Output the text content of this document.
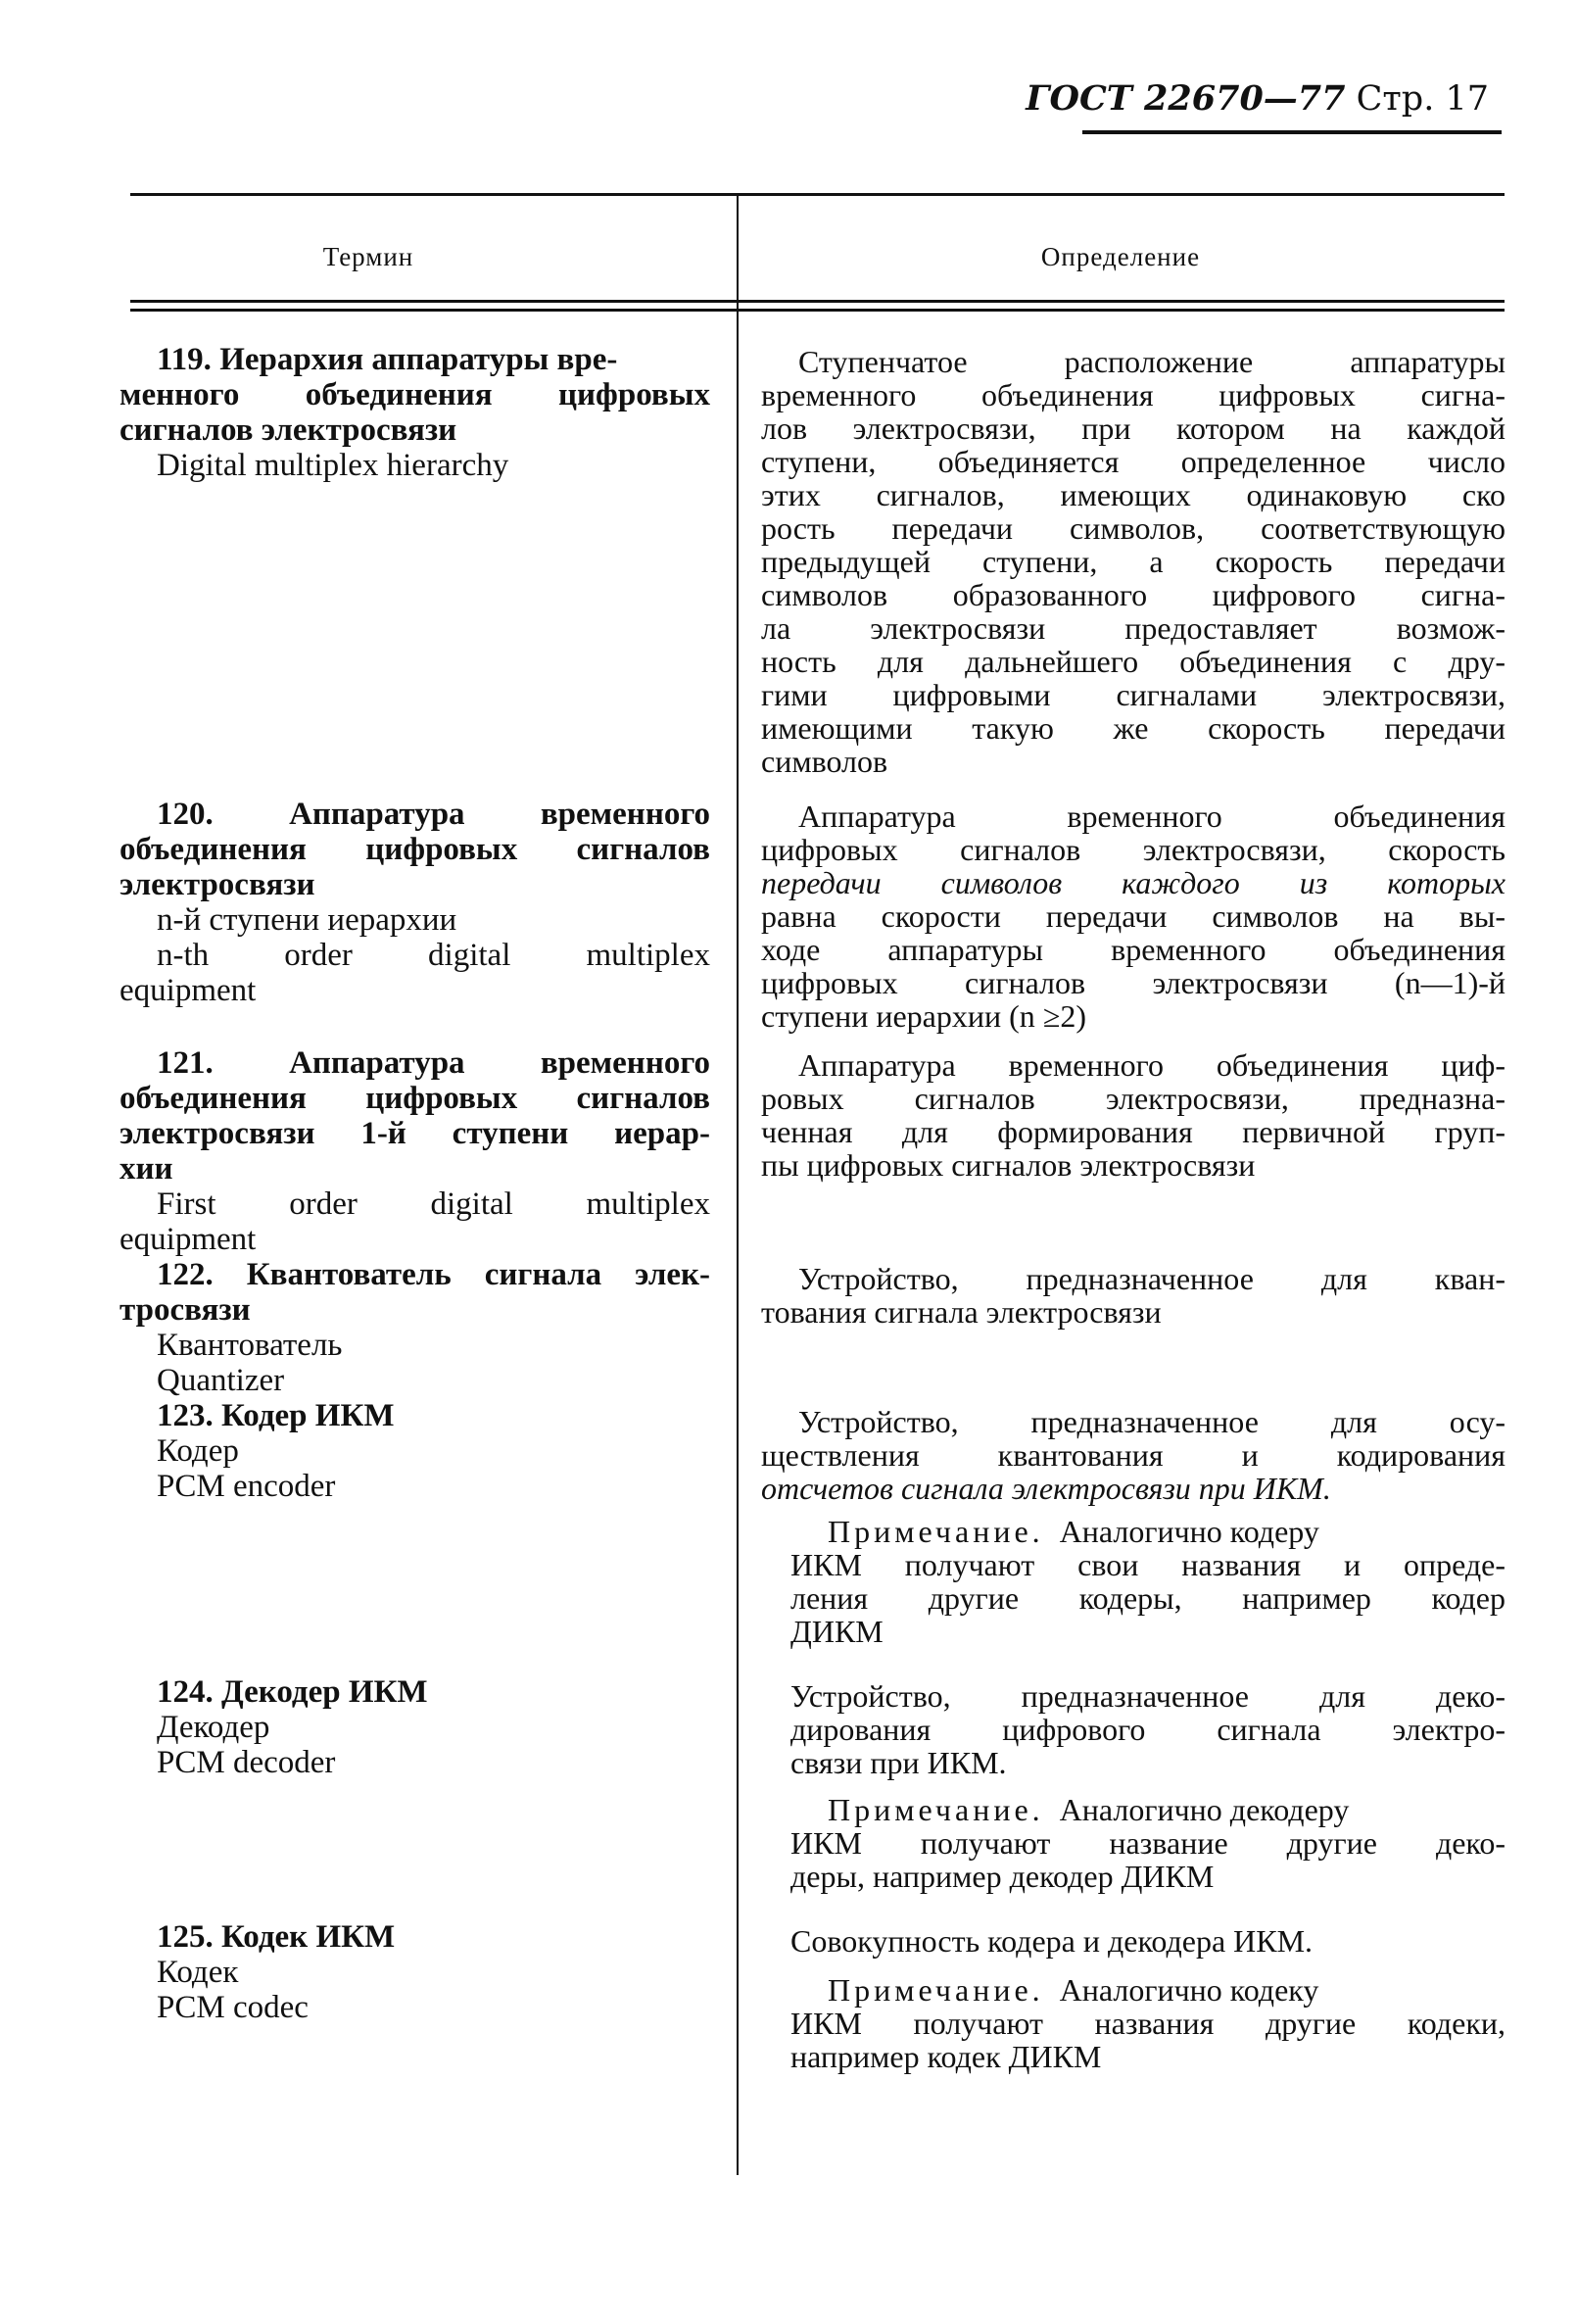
ГОСТ 22670—77 Стр. 17
Термин	Определение
119. Иерархия аппаратуры вре-
менного объединения цифровых
сигналов электросвязи
Digital multiplex hierarchy
Ступенчатое расположение аппаратуры
временного объединения цифровых сигна-
лов электросвязи, при котором на каждой
ступени, объединяется определенное число
этих сигналов, имеющих одинаковую ско
рость передачи символов, соответствующую
предыдущей ступени, а скорость передачи
символов образованного цифрового сигна-
ла электросвязи предоставляет возмож-
ность для дальнейшего объединения с дру-
гими цифровыми сигналами электросвязи,
имеющими такую же скорость передачи
символов
120. Аппаратура временного
объединения цифровых сигналов
электросвязи
n-й ступени иерархии
n-th order digital multiplex
equipment
Аппаратура временного объединения
цифровых сигналов электросвязи, скорость
передачи символов каждого из которых
равна скорости передачи символов на вы-
ходе аппаратуры временного объединения
цифровых сигналов электросвязи (n—1)-й
ступени иерархии (n ≥2)
121. Аппаратура временного
объединения цифровых сигналов
электросвязи 1-й ступени иерар-
хии
First order digital multiplex
equipment
Аппаратура временного объединения циф-
ровых сигналов электросвязи, предназна-
ченная для формирования первичной груп-
пы цифровых сигналов электросвязи
122. Квантователь сигнала элек-
тросвязи
Квантователь
Quantizer
Устройство, предназначенное для кван-
тования сигнала электросвязи
123. Кодер ИКМ
Кодер
PCM encoder
Устройство, предназначенное для осу-
ществления квантования и кодирования
отсчетов сигнала электросвязи при ИКМ.
Примечание. Аналогично кодеру
ИКМ получают свои названия и опреде-
ления другие кодеры, например кодер
ДИКМ
124. Декодер ИКМ
Декодер
PCM decoder
Устройство, предназначенное для деко-
дирования цифрового сигнала электро-
связи при ИКМ.
Примечание. Аналогично декодеру
ИКМ получают название другие деко-
деры, например декодер ДИКМ
125. Кодек ИКМ
Кодек
PCM codec
Совокупность кодера и декодера ИКМ.
Примечание. Аналогично кодеку
ИКМ получают названия другие кодеки,
например кодек ДИКМ
